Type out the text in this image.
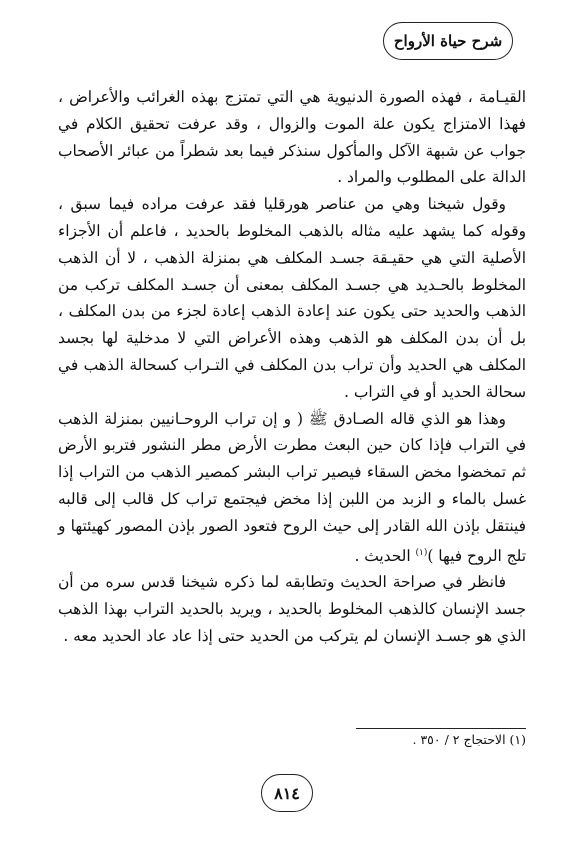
شرح حياة الأرواح

القيـامة ، فهذه الصورة الدنيوية هي التي تمتزج بهذه الغرائب والأعراض ، فهذا الامتزاج يكون علة الموت والزوال ، وقد عرفت تحقيق الكلام في جواب عن شبهة الآكل والمأكول سنذكر فيما بعد شطراً من عبائر الأصحاب الدالة على المطلوب والمراد .

وقول شيخنا وهي من عناصر هورقليا فقد عرفت مراده فيما سبق ، وقوله كما يشهد عليه مثاله بالذهب المخلوط بالحديد ، فاعلم أن الأجزاء الأصلية التي هي حقيـقة جسـد المكلف هي بمنزلة الذهب ، لا أن الذهب المخلوط بالحـديد هي جسـد المكلف بمعنى أن جسـد المكلف تركب من الذهب والحديد حتى يكون عند إعادة الذهب إعادة لجزء من بدن المكلف ، بل أن بدن المكلف هو الذهب وهذه الأعراض التي لا مدخلية لها بجسد المكلف هي الحديد وأن تراب بدن المكلف في التـراب كسحالة الذهب في سحالة الحديد أو في التراب .

وهذا هو الذي قاله الصـادق ﷺ ( و إن تراب الروحـانيين بمنزلة الذهب في التراب فإذا كان حين البعث مطرت الأرض مطر النشور فتربو الأرض ثم تمخضوا مخض السقاء فيصير تراب البشر كمصير الذهب من التراب إذا غسل بالماء و الزبد من اللبن إذا مخض فيجتمع تراب كل قالب إلى قالبه فينتقل بإذن الله القادر إلى حيث الروح فتعود الصور بإذن المصور كهيئتها و تلج الروح فيها )$^{(١)}$ الحديث .

فانظر في صراحة الحديث وتطابقه لما ذكره شيخنا قدس سره من أن جسد الإنسان كالذهب المخلوط بالحديد ، ويريد بالحديد التراب بهذا الذهب الذي هو جسـد الإنسان لم يتركب من الحديد حتى إذا عاد عاد الحديد معه .

(١) الاحتجاج ٢ / ٣٥٠ .
٨١٤
